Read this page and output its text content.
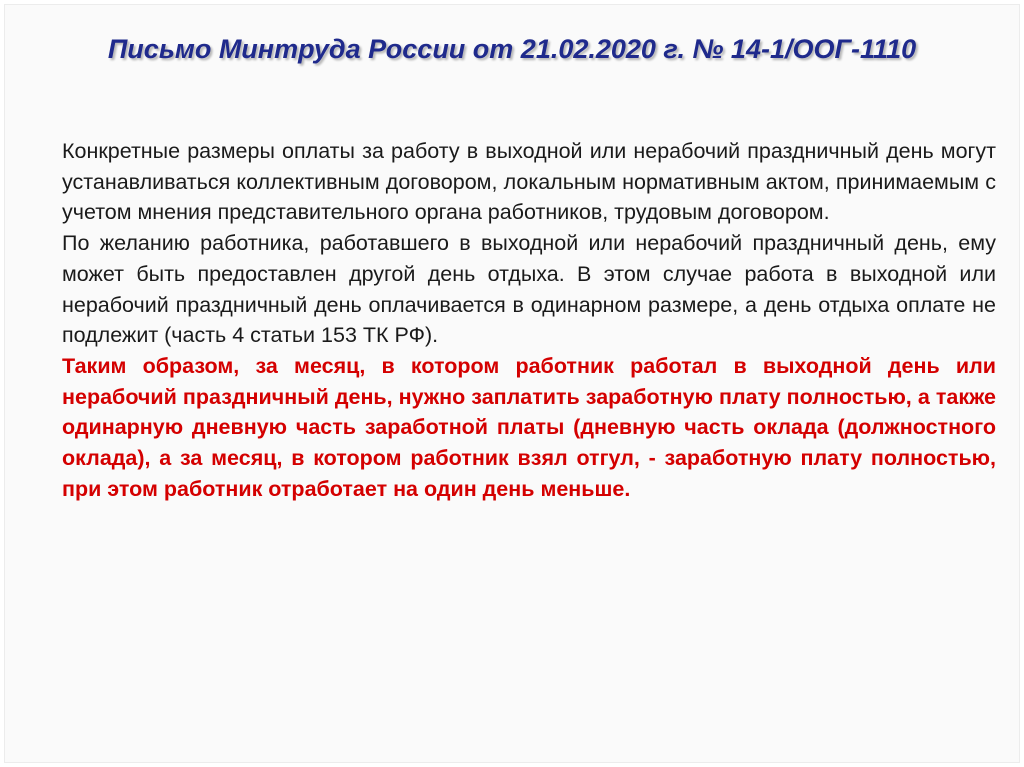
Письмо Минтруда России от 21.02.2020 г. № 14-1/ООГ-1110

Конкретные размеры оплаты за работу в выходной или нерабочий праздничный день могут устанавливаться коллективным договором, локальным нормативным актом, принимаемым с учетом мнения представительного органа работников, трудовым договором.

По желанию работника, работавшего в выходной или нерабочий праздничный день, ему может быть предоставлен другой день отдыха. В этом случае работа в выходной или нерабочий праздничный день оплачивается в одинарном размере, а день отдыха оплате не подлежит (часть 4 статьи 153 ТК РФ).

Таким образом, за месяц, в котором работник работал в выходной день или нерабочий праздничный день, нужно заплатить заработную плату полностью, а также одинарную дневную часть заработной платы (дневную часть оклада (должностного оклада), а за месяц, в котором работник взял отгул, - заработную плату полностью, при этом работник отработает на один день меньше.
